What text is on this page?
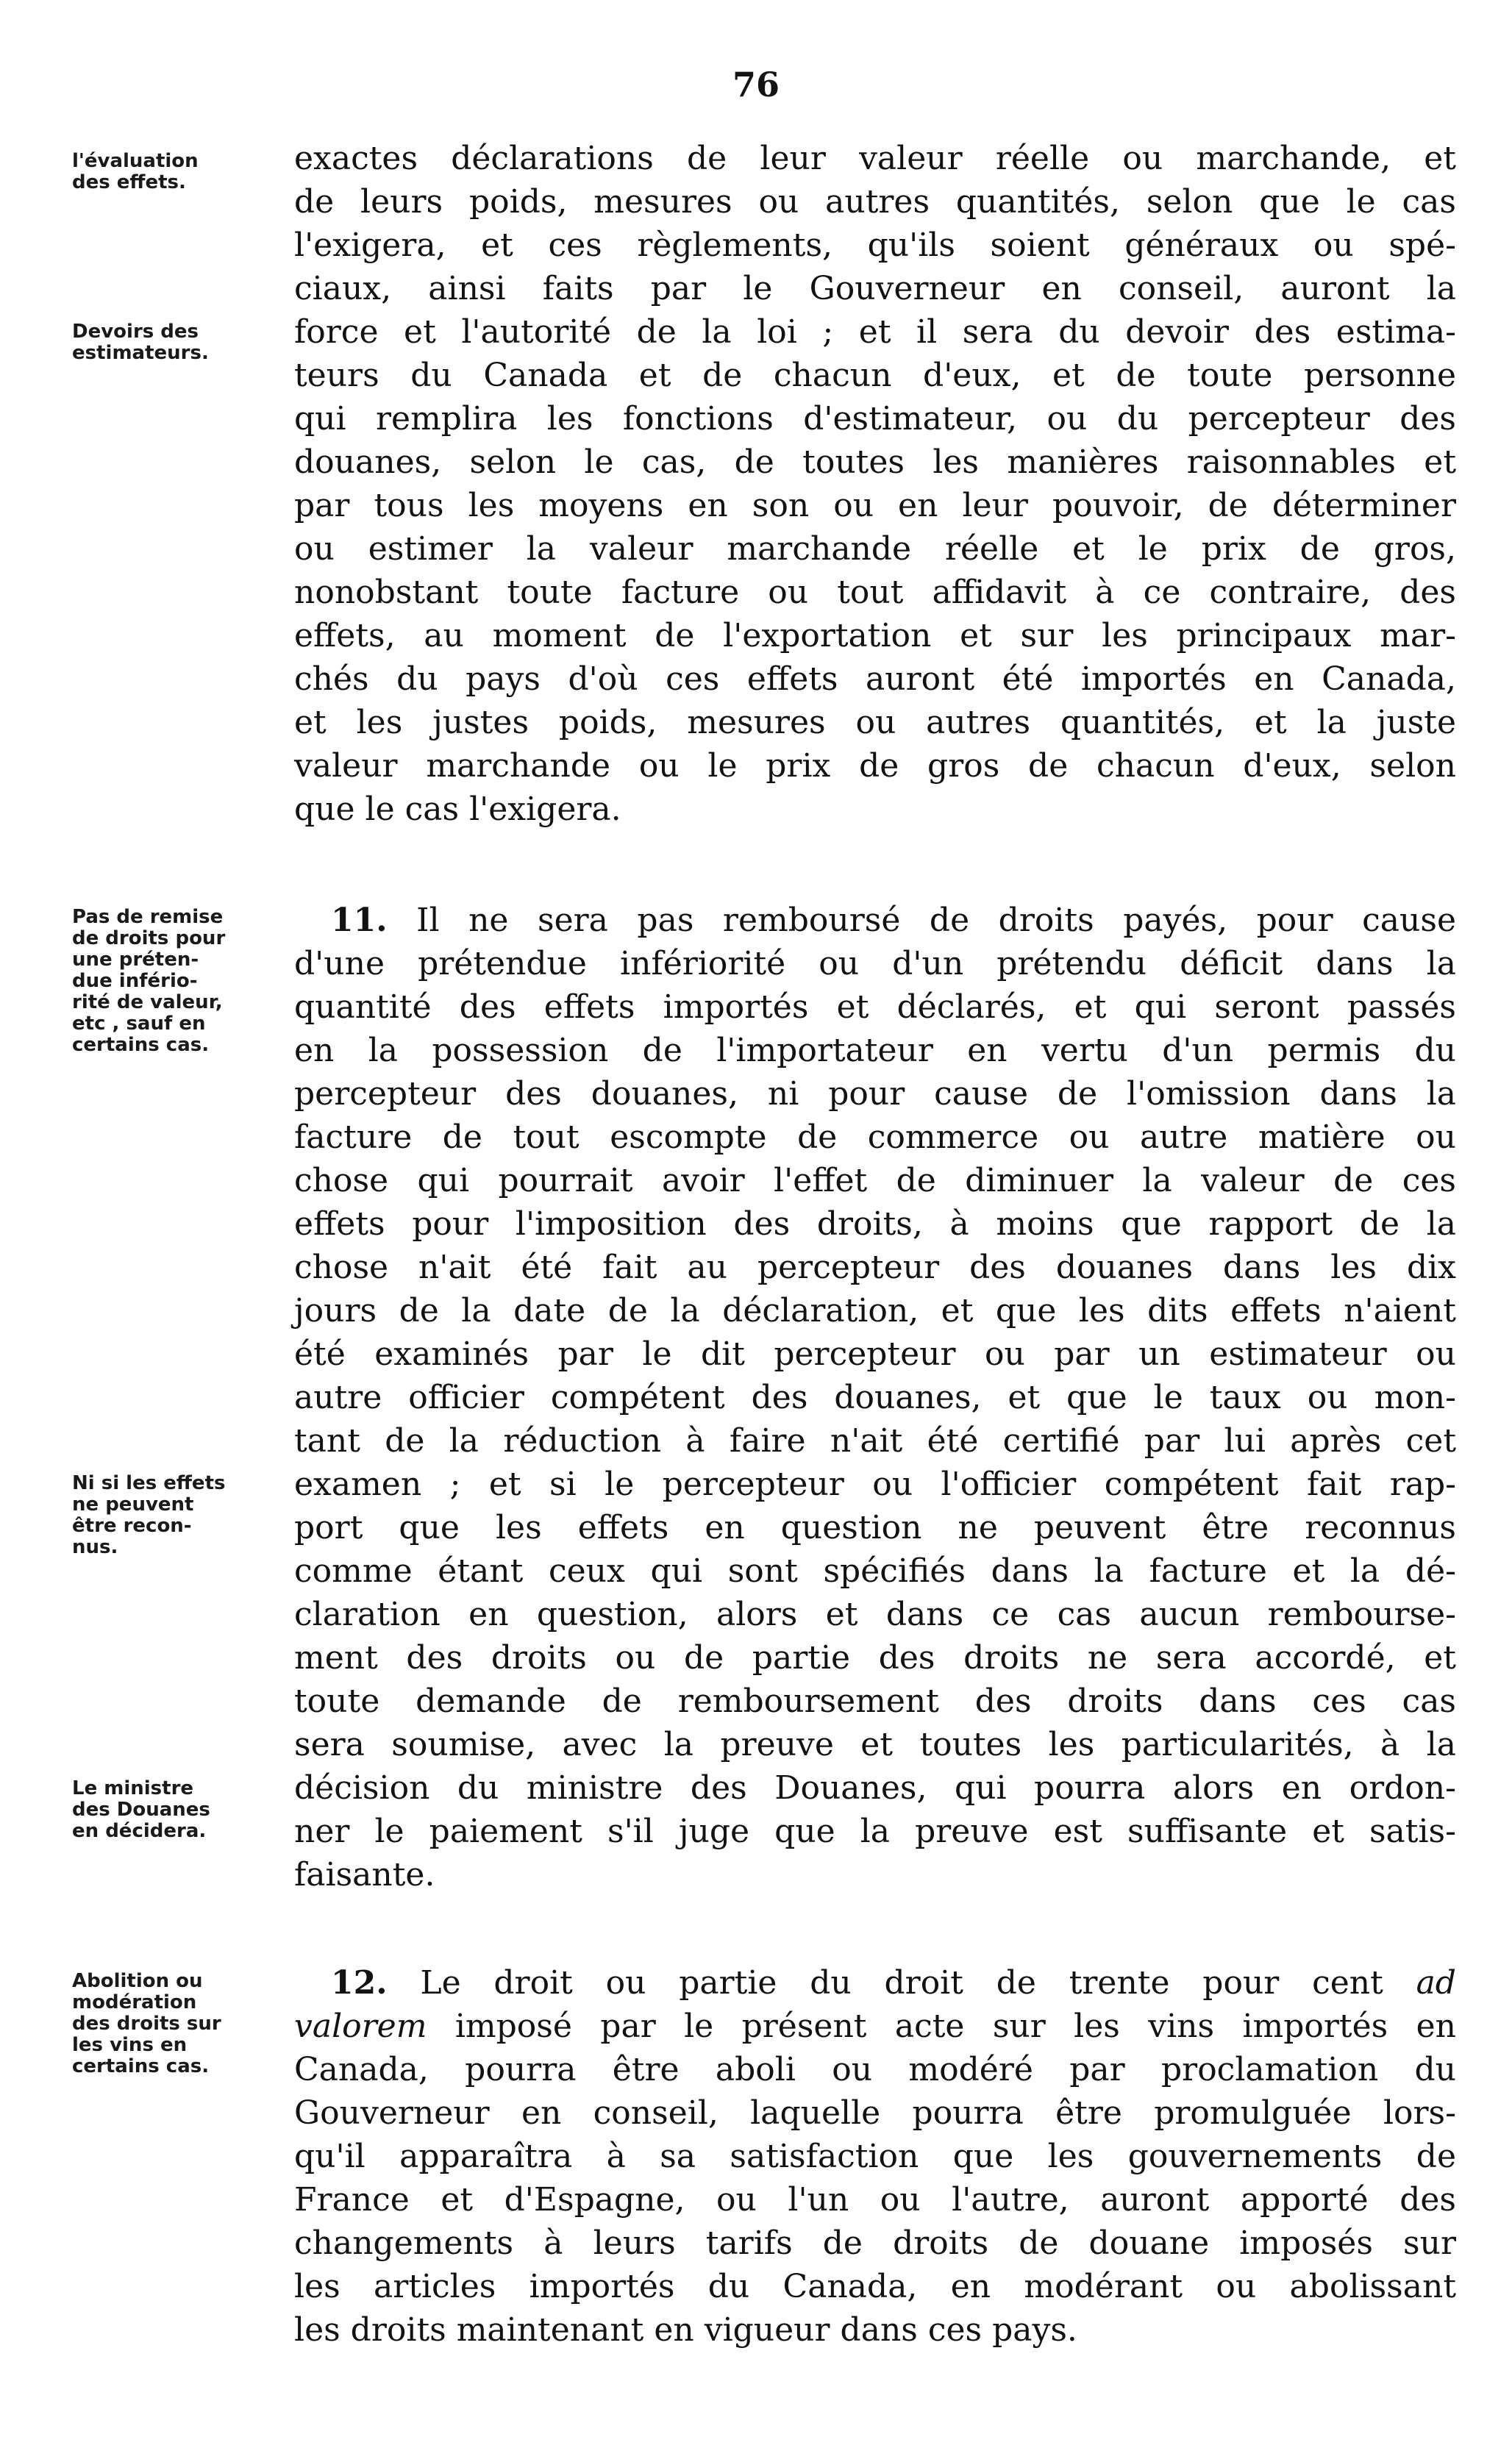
76
l'évaluation
des effets.
Devoirs des
estimateurs.
Pas de remise
de droits pour
une préten-
due infério-
rité de valeur,
etc , sauf en
certains cas.
Ni si les effets
ne peuvent
être recon-
nus.
Le ministre
des Douanes
en décidera.
Abolition ou
modération
des droits sur
les vins en
certains cas.
exactes déclarations de leur valeur réelle ou marchande, et
de leurs poids, mesures ou autres quantités, selon que le cas
l'exigera, et ces règlements, qu'ils soient généraux ou spé-
ciaux, ainsi faits par le Gouverneur en conseil, auront la
force et l'autorité de la loi ; et il sera du devoir des estima-
teurs du Canada et de chacun d'eux, et de toute personne
qui remplira les fonctions d'estimateur, ou du percepteur des
douanes, selon le cas, de toutes les manières raisonnables et
par tous les moyens en son ou en leur pouvoir, de déterminer
ou estimer la valeur marchande réelle et le prix de gros,
nonobstant toute facture ou tout affidavit à ce contraire, des
effets, au moment de l'exportation et sur les principaux mar-
chés du pays d'où ces effets auront été importés en Canada,
et les justes poids, mesures ou autres quantités, et la juste
valeur marchande ou le prix de gros de chacun d'eux, selon
que le cas l'exigera.
11. Il ne sera pas remboursé de droits payés, pour cause
d'une prétendue infériorité ou d'un prétendu déficit dans la
quantité des effets importés et déclarés, et qui seront passés
en la possession de l'importateur en vertu d'un permis du
percepteur des douanes, ni pour cause de l'omission dans la
facture de tout escompte de commerce ou autre matière ou
chose qui pourrait avoir l'effet de diminuer la valeur de ces
effets pour l'imposition des droits, à moins que rapport de la
chose n'ait été fait au percepteur des douanes dans les dix
jours de la date de la déclaration, et que les dits effets n'aient
été examinés par le dit percepteur ou par un estimateur ou
autre officier compétent des douanes, et que le taux ou mon-
tant de la réduction à faire n'ait été certifié par lui après cet
examen ; et si le percepteur ou l'officier compétent fait rap-
port que les effets en question ne peuvent être reconnus
comme étant ceux qui sont spécifiés dans la facture et la dé-
claration en question, alors et dans ce cas aucun rembourse-
ment des droits ou de partie des droits ne sera accordé, et
toute demande de remboursement des droits dans ces cas
sera soumise, avec la preuve et toutes les particularités, à la
décision du ministre des Douanes, qui pourra alors en ordon-
ner le paiement s'il juge que la preuve est suffisante et satis-
faisante.
12. Le droit ou partie du droit de trente pour cent ad
valorem imposé par le présent acte sur les vins importés en
Canada, pourra être aboli ou modéré par proclamation du
Gouverneur en conseil, laquelle pourra être promulguée lors-
qu'il apparaîtra à sa satisfaction que les gouvernements de
France et d'Espagne, ou l'un ou l'autre, auront apporté des
changements à leurs tarifs de droits de douane imposés sur
les articles importés du Canada, en modérant ou abolissant
les droits maintenant en vigueur dans ces pays.
